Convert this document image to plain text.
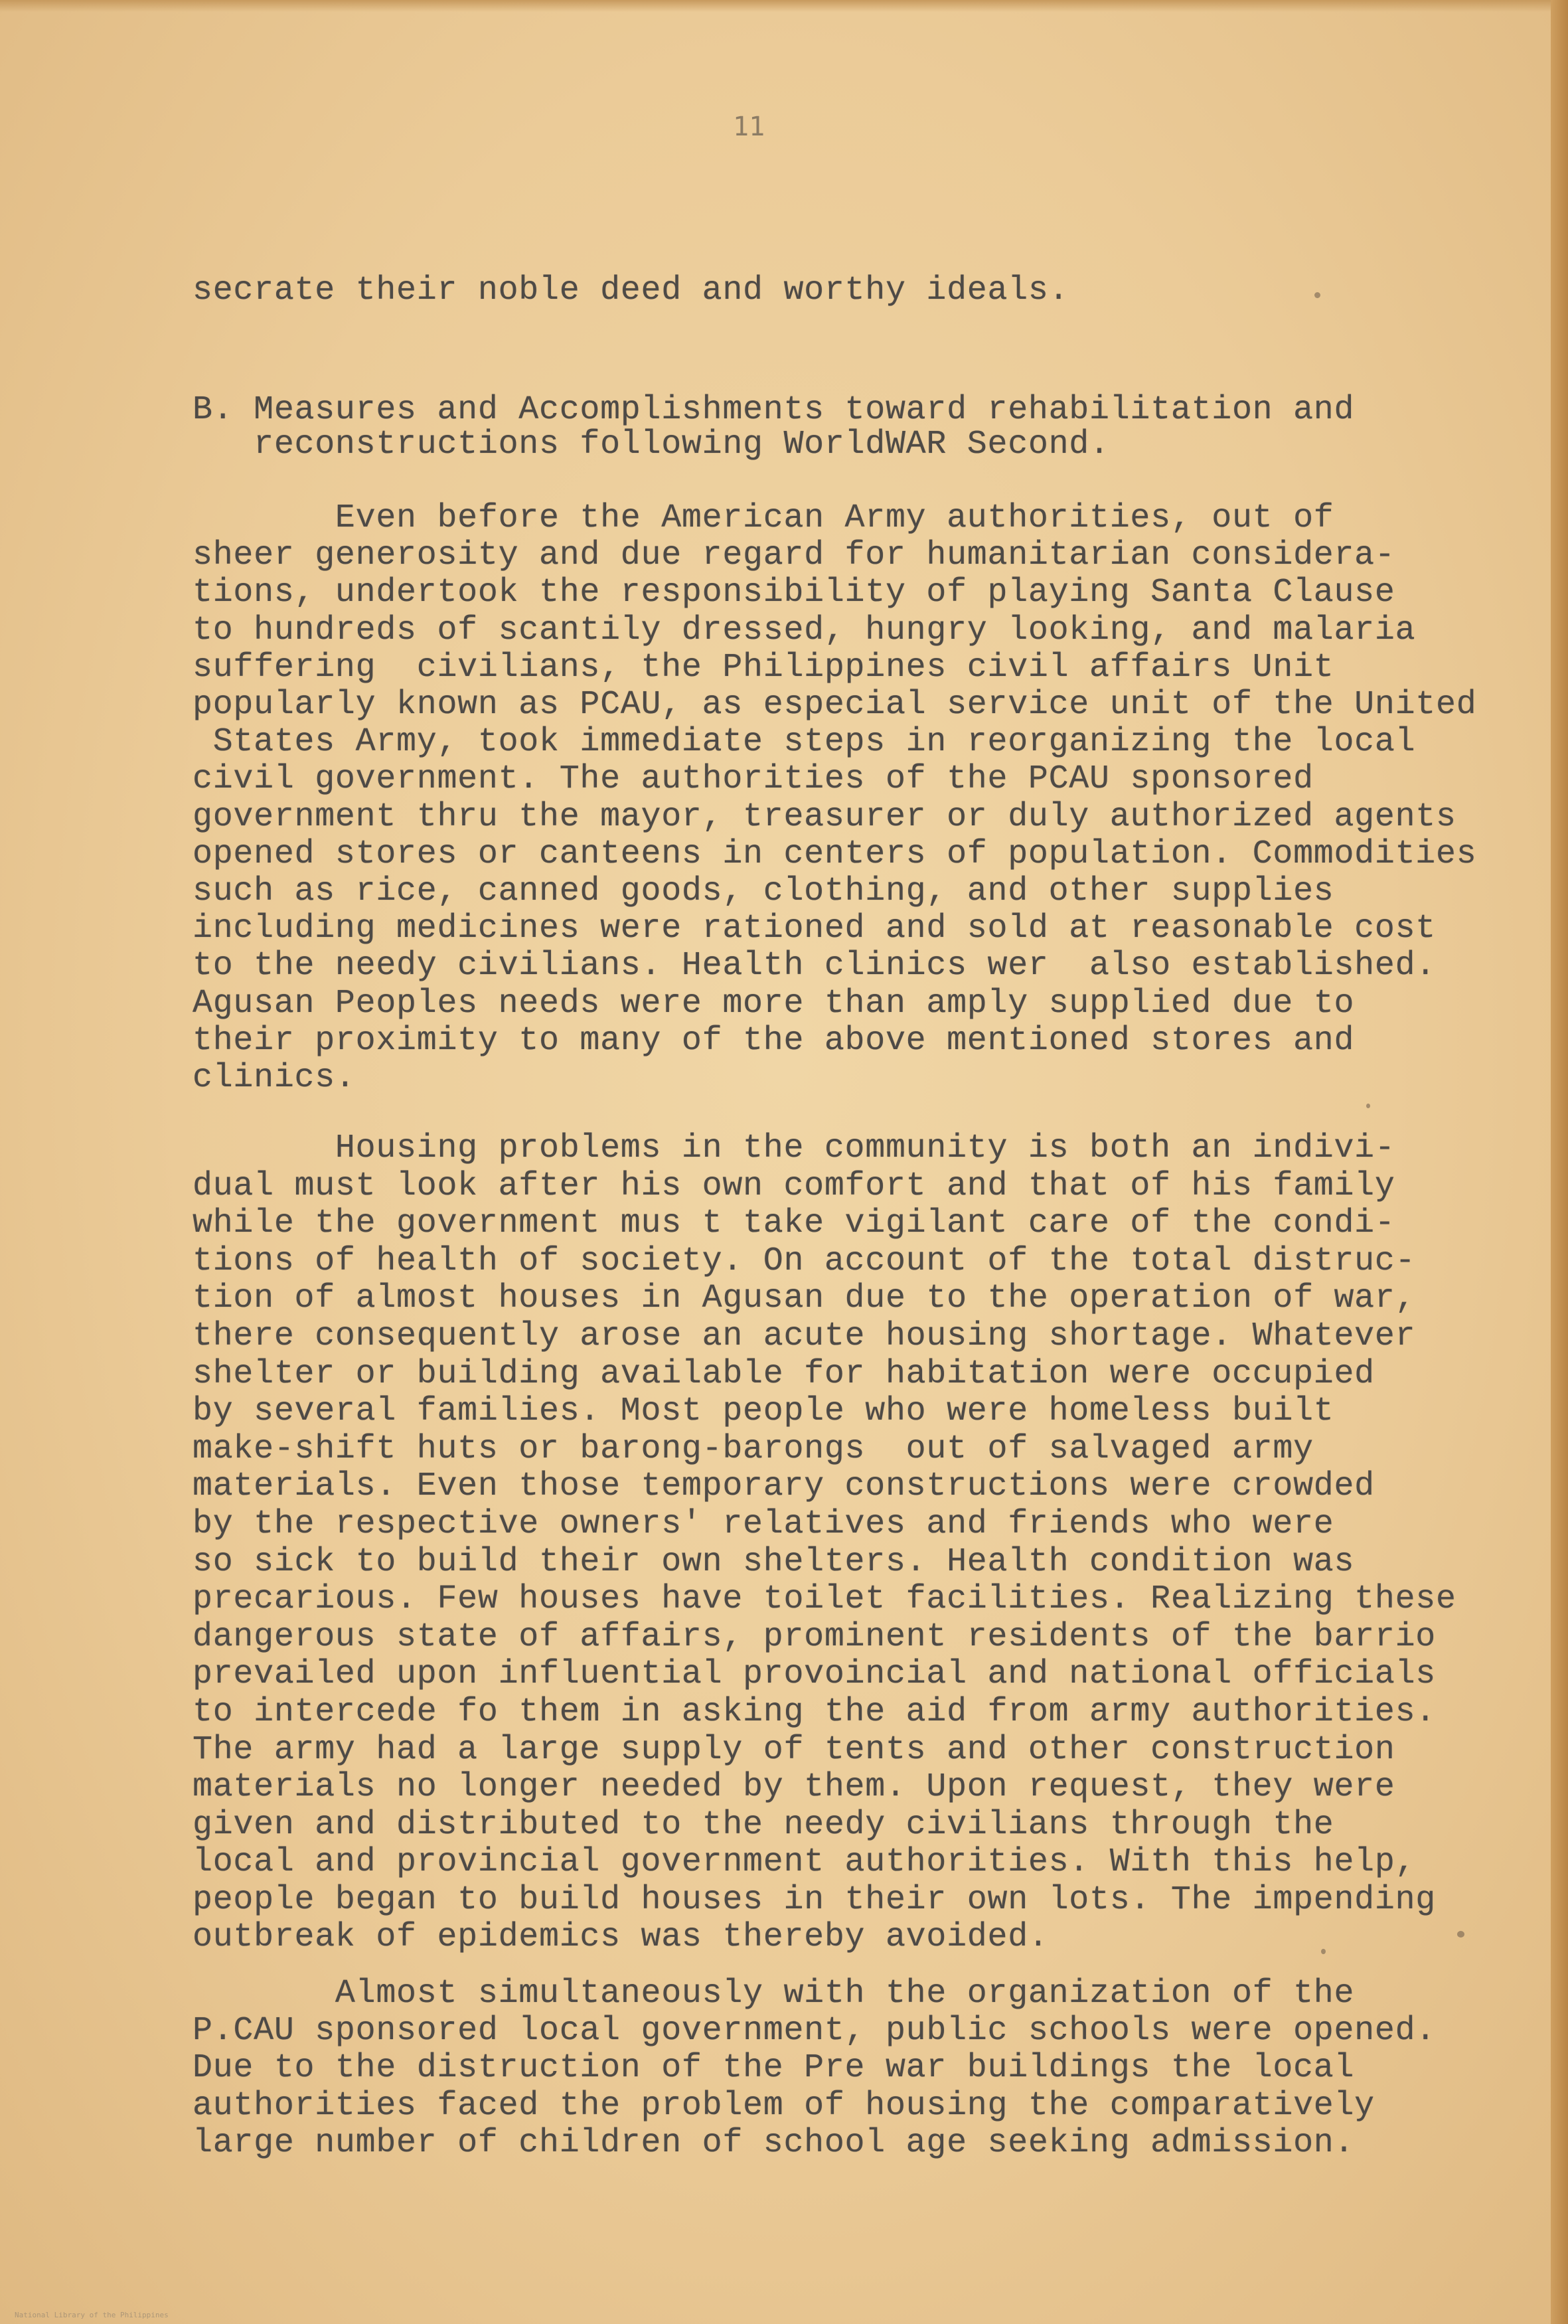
11
secrate their noble deed and worthy ideals.
B. Measures and Accomplishments toward rehabilitation and
reconstructions following WorldWAR Second.
Even before the American Army authorities, out of
sheer generosity and due regard for humanitarian considera-
tions, undertook the responsibility of playing Santa Clause
to hundreds of scantily dressed, hungry looking, and malaria
suffering  civilians, the Philippines civil affairs Unit
popularly known as PCAU, as especial service unit of the United
States Army, took immediate steps in reorganizing the local
civil government. The authorities of the PCAU sponsored
government thru the mayor, treasurer or duly authorized agents
opened stores or canteens in centers of population. Commodities
such as rice, canned goods, clothing, and other supplies
including medicines were rationed and sold at reasonable cost
to the needy civilians. Health clinics wer  also established.
Agusan Peoples needs were more than amply supplied due to
their proximity to many of the above mentioned stores and
clinics.
Housing problems in the community is both an indivi-
dual must look after his own comfort and that of his family
while the government mus t take vigilant care of the condi-
tions of health of society. On account of the total distruc-
tion of almost houses in Agusan due to the operation of war,
there consequently arose an acute housing shortage. Whatever
shelter or building available for habitation were occupied
by several families. Most people who were homeless built
make-shift huts or barong-barongs  out of salvaged army
materials. Even those temporary constructions were crowded
by the respective owners' relatives and friends who were
so sick to build their own shelters. Health condition was
precarious. Few houses have toilet facilities. Realizing these
dangerous state of affairs, prominent residents of the barrio
prevailed upon influential provoincial and national officials
to intercede fo them in asking the aid from army authorities.
The army had a large supply of tents and other construction
materials no longer needed by them. Upon request, they were
given and distributed to the needy civilians through the
local and provincial government authorities. With this help,
people began to build houses in their own lots. The impending
outbreak of epidemics was thereby avoided.
Almost simultaneously with the organization of the
P.CAU sponsored local government, public schools were opened.
Due to the distruction of the Pre war buildings the local
authorities faced the problem of housing the comparatively
large number of children of school age seeking admission.
National Library of the Philippines
